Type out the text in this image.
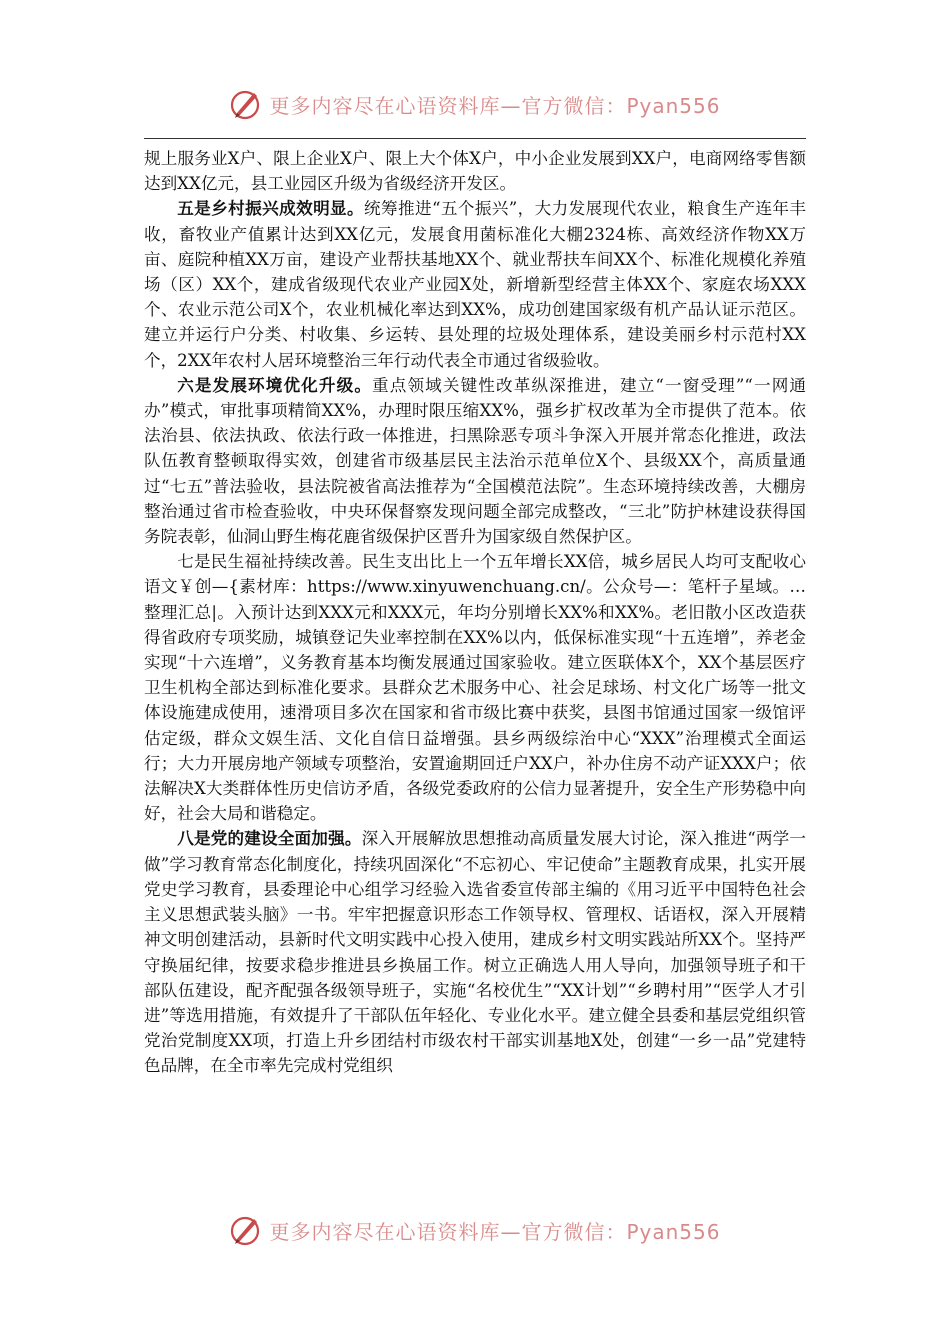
更多内容尽在心语资料库—官方微信：Pyan556

规上服务业X户、限上企业X户、限上大个体X户，中小企业发展到XX户，电商网络零售额达到XX亿元，县工业园区升级为省级经济开发区。

五是乡村振兴成效明显。统筹推进“五个振兴”，大力发展现代农业，粮食生产连年丰收，畜牧业产值累计达到XX亿元，发展食用菌标准化大棚2324栋、高效经济作物XX万亩、庭院种植XX万亩，建设产业帮扶基地XX个、就业帮扶车间XX个、标准化规模化养殖场（区）XX个，建成省级现代农业产业园X处，新增新型经营主体XX个、家庭农场XXX个、农业示范公司X个，农业机械化率达到XX%，成功创建国家级有机产品认证示范区。建立并运行户分类、村收集、乡运转、县处理的垃圾处理体系，建设美丽乡村示范村XX个，2XX年农村人居环境整治三年行动代表全市通过省级验收。

六是发展环境优化升级。重点领域关键性改革纵深推进，建立“一窗受理”“一网通办”模式，审批事项精简XX%，办理时限压缩XX%，强乡扩权改革为全市提供了范本。依法治县、依法执政、依法行政一体推进，扫黑除恶专项斗争深入开展并常态化推进，政法队伍教育整顿取得实效，创建省市级基层民主法治示范单位X个、县级XX个，高质量通过“七五”普法验收，县法院被省高法推荐为“全国模范法院”。生态环境持续改善，大棚房整治通过省市检查验收，中央环保督察发现问题全部完成整改，“三北”防护林建设获得国务院表彰，仙洞山野生梅花鹿省级保护区晋升为国家级自然保护区。

七是民生福祉持续改善。民生支出比上一个五年增长XX倍，城乡居民人均可支配收心语文￥创—{素材库：https://www.xinyuwenchuang.cn/。公众号—：笔杆子星域。…整理汇总|。入预计达到XXX元和XXX元，年均分别增长XX%和XX%。老旧散小区改造获得省政府专项奖励，城镇登记失业率控制在XX%以内，低保标准实现“十五连增”，养老金实现“十六连增”，义务教育基本均衡发展通过国家验收。建立医联体X个，XX个基层医疗卫生机构全部达到标准化要求。县群众艺术服务中心、社会足球场、村文化广场等一批文体设施建成使用，速滑项目多次在国家和省市级比赛中获奖，县图书馆通过国家一级馆评估定级，群众文娱生活、文化自信日益增强。县乡两级综治中心“XXX”治理模式全面运行；大力开展房地产领域专项整治，安置逾期回迁户XX户，补办住房不动产证XXX户；依法解决X大类群体性历史信访矛盾，各级党委政府的公信力显著提升，安全生产形势稳中向好，社会大局和谐稳定。

八是党的建设全面加强。深入开展解放思想推动高质量发展大讨论，深入推进“两学一做”学习教育常态化制度化，持续巩固深化“不忘初心、牢记使命”主题教育成果，扎实开展党史学习教育，县委理论中心组学习经验入选省委宣传部主编的《用习近平中国特色社会主义思想武装头脑》一书。牢牢把握意识形态工作领导权、管理权、话语权，深入开展精神文明创建活动，县新时代文明实践中心投入使用，建成乡村文明实践站所XX个。坚持严守换届纪律，按要求稳步推进县乡换届工作。树立正确选人用人导向，加强领导班子和干部队伍建设，配齐配强各级领导班子，实施“名校优生”“XX计划”“乡聘村用”“医学人才引进”等选用措施，有效提升了干部队伍年轻化、专业化水平。建立健全县委和基层党组织管党治党制度XX项，打造上升乡团结村市级农村干部实训基地X处，创建“一乡一品”党建特色品牌，在全市率先完成村党组织

更多内容尽在心语资料库—官方微信：Pyan556
